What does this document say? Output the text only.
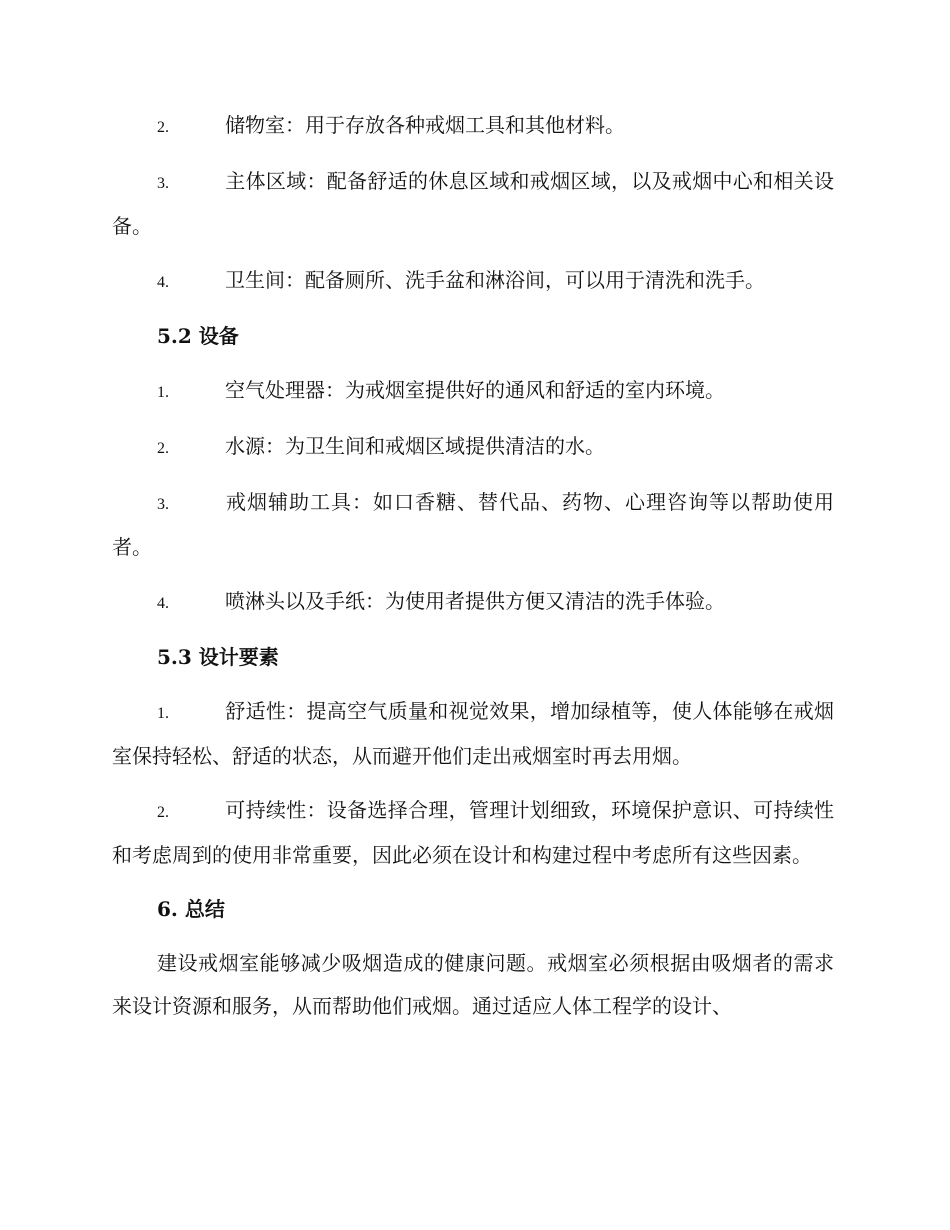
2.	储物室：用于存放各种戒烟工具和其他材料。

3.	主体区域：配备舒适的休息区域和戒烟区域，以及戒烟中心和相关设备。

4.	卫生间：配备厕所、洗手盆和淋浴间，可以用于清洗和洗手。

5.2 设备

1.	空气处理器：为戒烟室提供好的通风和舒适的室内环境。

2.	水源：为卫生间和戒烟区域提供清洁的水。

3.	戒烟辅助工具：如口香糖、替代品、药物、心理咨询等以帮助使用者。

4.	喷淋头以及手纸：为使用者提供方便又清洁的洗手体验。

5.3 设计要素

1.	舒适性：提高空气质量和视觉效果，增加绿植等，使人体能够在戒烟室保持轻松、舒适的状态，从而避开他们走出戒烟室时再去用烟。

2.	可持续性：设备选择合理，管理计划细致，环境保护意识、可持续性和考虑周到的使用非常重要，因此必须在设计和构建过程中考虑所有这些因素。

6. 总结

建设戒烟室能够减少吸烟造成的健康问题。戒烟室必须根据由吸烟者的需求来设计资源和服务，从而帮助他们戒烟。通过适应人体工程学的设计、
